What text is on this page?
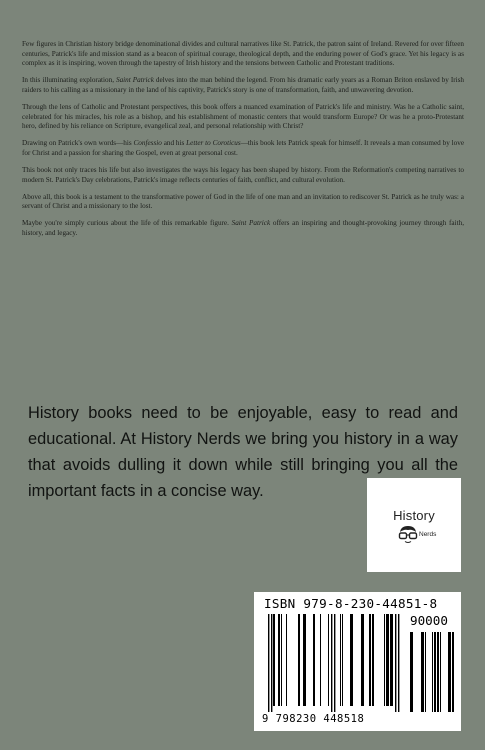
Few figures in Christian history bridge denominational divides and cultural narratives like St. Patrick, the patron saint of Ireland. Revered for over fifteen centuries, Patrick's life and mission stand as a beacon of spiritual courage, theological depth, and the enduring power of God's grace. Yet his legacy is as complex as it is inspiring, woven through the tapestry of Irish history and the tensions between Catholic and Protestant traditions.

In this illuminating exploration, Saint Patrick delves into the man behind the legend. From his dramatic early years as a Roman Briton enslaved by Irish raiders to his calling as a missionary in the land of his captivity, Patrick's story is one of transformation, faith, and unwavering devotion.

Through the lens of Catholic and Protestant perspectives, this book offers a nuanced examination of Patrick's life and ministry. Was he a Catholic saint, celebrated for his miracles, his role as a bishop, and his establishment of monastic centers that would transform Europe? Or was he a proto-Protestant hero, defined by his reliance on Scripture, evangelical zeal, and personal relationship with Christ?

Drawing on Patrick's own words—his Confessio and his Letter to Coroticus—this book lets Patrick speak for himself. It reveals a man consumed by love for Christ and a passion for sharing the Gospel, even at great personal cost.

This book not only traces his life but also investigates the ways his legacy has been shaped by history. From the Reformation's competing narratives to modern St. Patrick's Day celebrations, Patrick's image reflects centuries of faith, conflict, and cultural evolution.

Above all, this book is a testament to the transformative power of God in the life of one man and an invitation to rediscover St. Patrick as he truly was: a servant of Christ and a missionary to the lost.

Maybe you're simply curious about the life of this remarkable figure. Saint Patrick offers an inspiring and thought-provoking journey through faith, history, and legacy.

History books need to be enjoyable, easy to read and educational. At History Nerds we bring you history in a way that avoids dulling it down while still bringing you all the important facts in a concise way.
History
Nerds
ISBN 979-8-230-44851-8
90000
9 798230 448518
